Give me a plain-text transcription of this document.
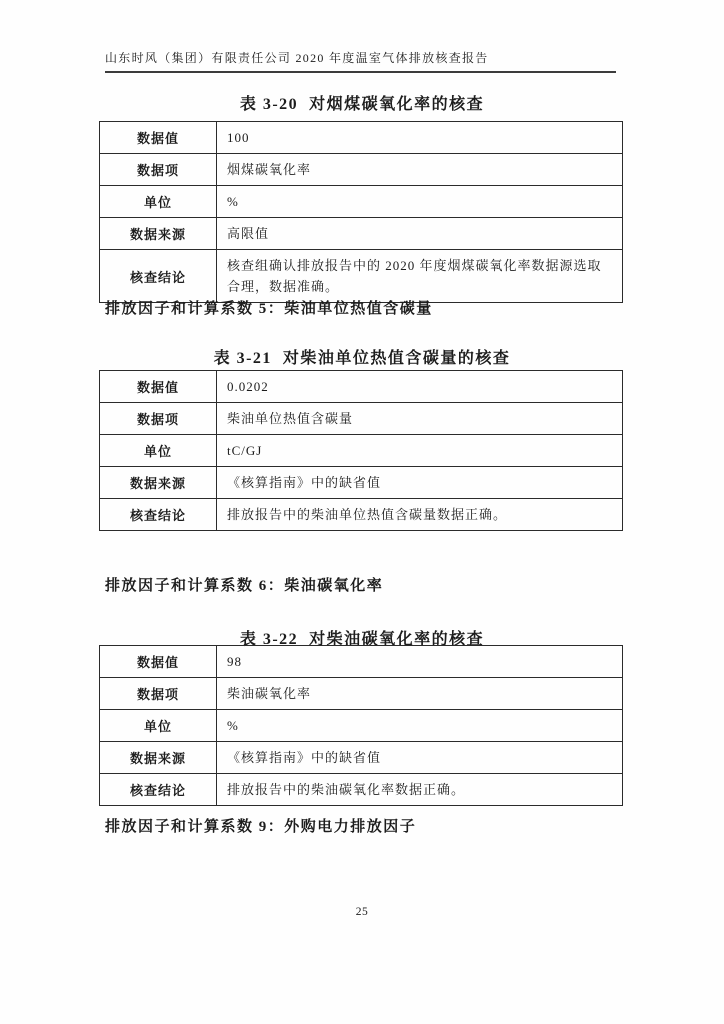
山东时风（集团）有限责任公司 2020 年度温室气体排放核查报告
表 3-20  对烟煤碳氧化率的核查
数据值	100
数据项	烟煤碳氧化率
单位	%
数据来源	高限值
核查结论	核查组确认排放报告中的 2020 年度烟煤碳氧化率数据源选取合理，数据准确。
排放因子和计算系数 5：柴油单位热值含碳量
表 3-21  对柴油单位热值含碳量的核查
数据值	0.0202
数据项	柴油单位热值含碳量
单位	tC/GJ
数据来源	《核算指南》中的缺省值
核查结论	排放报告中的柴油单位热值含碳量数据正确。
排放因子和计算系数 6：柴油碳氧化率
表 3-22  对柴油碳氧化率的核查
数据值	98
数据项	柴油碳氧化率
单位	%
数据来源	《核算指南》中的缺省值
核查结论	排放报告中的柴油碳氧化率数据正确。
排放因子和计算系数 9：外购电力排放因子
25
